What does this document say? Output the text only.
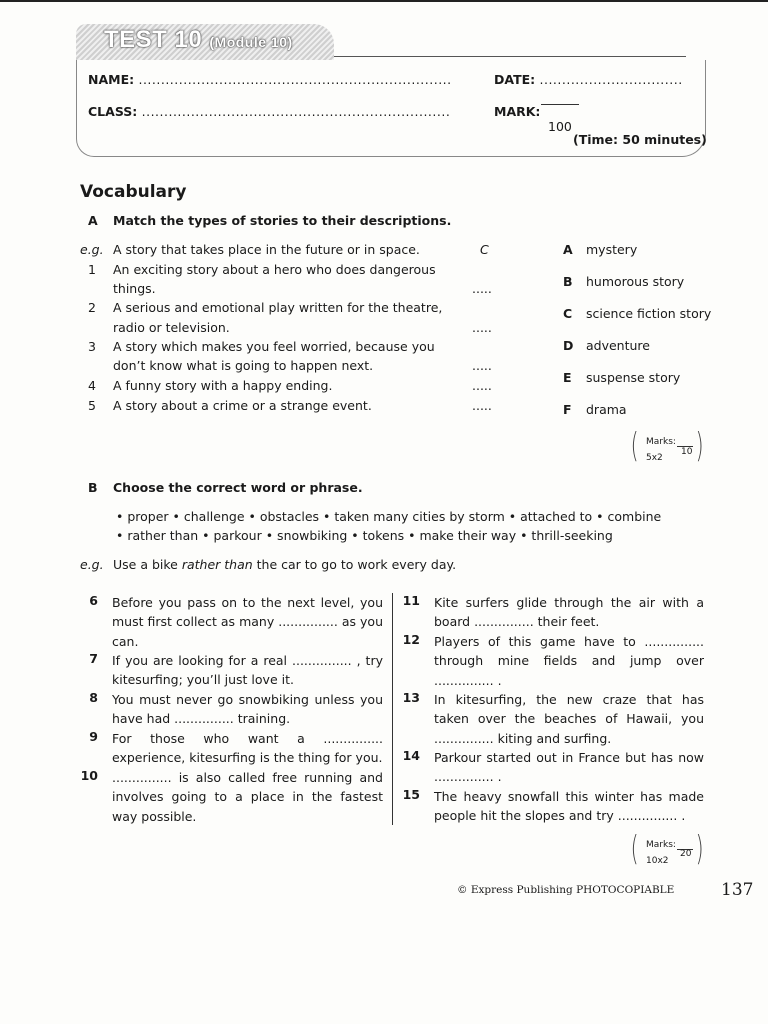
TEST 10 (Module 10)
NAME: ......................................................................	DATE: ................................
CLASS: .....................................................................	MARK:
100
(Time: 50 minutes)
Vocabulary
A Match the types of stories to their descriptions.
e.g. A story that takes place in the future or in space.	C
1 An exciting story about a hero who does dangerous
things.	.....
2 A serious and emotional play written for the theatre,
radio or television.	.....
3 A story which makes you feel worried, because you
don’t know what is going to happen next.	.....
4 A funny story with a happy ending.	.....
5 A story about a crime or a strange event.	.....
A mystery
B humorous story
C science fiction story
D adventure
E suspense story
F drama
( )
Marks:
10
5x2
B Choose the correct word or phrase.
• proper • challenge • obstacles • taken many cities by storm • attached to • combine
• rather than • parkour • snowbiking • tokens • make their way • thrill-seeking
e.g. Use a bike rather than the car to go to work every day.
6 Before you pass on to the next level, you must first collect as many ............... as you can.
7 If you are looking for a real ............... , try kitesurfing; you’ll just love it.
8 You must never go snowbiking unless you have had ............... training.
9 For those who want a ............... experience, kitesurfing is the thing for you.
10 ............... is also called free running and involves going to a place in the fastest way possible.
11 Kite surfers glide through the air with a board ............... their feet.
12 Players of this game have to ............... through mine fields and jump over ............... .
13 In kitesurfing, the new craze that has taken over the beaches of Hawaii, you ............... kiting and surfing.
14 Parkour started out in France but has now ............... .
15 The heavy snowfall this winter has made people hit the slopes and try ............... .
( )
Marks:
20
10x2
© Express Publishing PHOTOCOPIABLE	137
